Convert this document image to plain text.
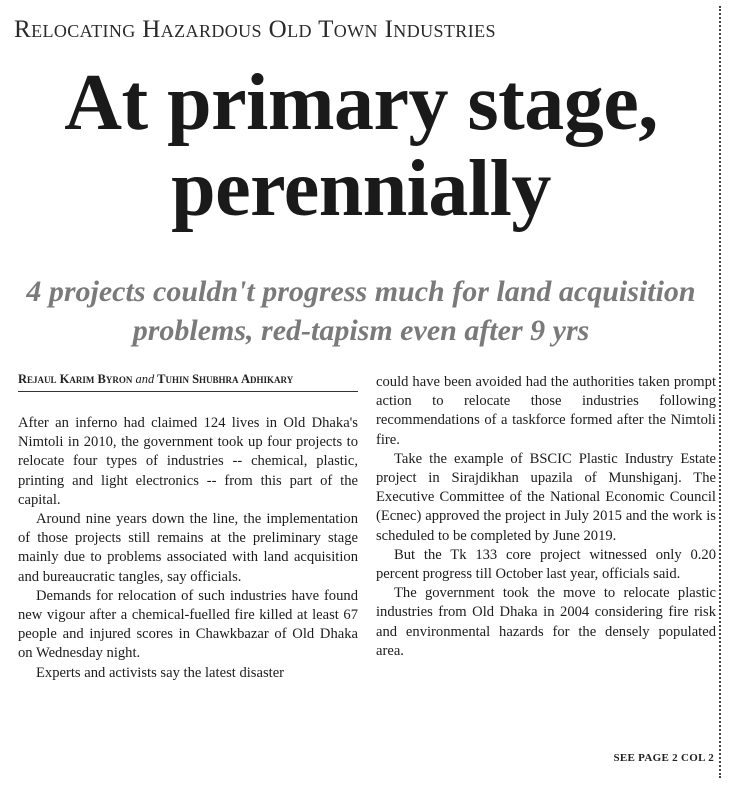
Relocating Hazardous Old Town Industries
At primary stage, perennially
4 projects couldn't progress much for land acquisition problems, red-tapism even after 9 yrs
Rejaul Karim Byron and Tuhin Shubhra Adhikary

After an inferno had claimed 124 lives in Old Dhaka's Nimtoli in 2010, the government took up four projects to relocate four types of industries -- chemical, plastic, printing and light electronics -- from this part of the capital.

Around nine years down the line, the implementation of those projects still remains at the preliminary stage mainly due to problems associated with land acquisition and bureaucratic tangles, say officials.

Demands for relocation of such industries have found new vigour after a chemical-fuelled fire killed at least 67 people and injured scores in Chawkbazar of Old Dhaka on Wednesday night.

Experts and activists say the latest disaster

could have been avoided had the authorities taken prompt action to relocate those industries following recommendations of a taskforce formed after the Nimtoli fire.

Take the example of BSCIC Plastic Industry Estate project in Sirajdikhan upazila of Munshiganj. The Executive Committee of the National Economic Council (Ecnec) approved the project in July 2015 and the work is scheduled to be completed by June 2019.

But the Tk 133 core project witnessed only 0.20 percent progress till October last year, officials said.

The government took the move to relocate plastic industries from Old Dhaka in 2004 considering fire risk and environmental hazards for the densely populated area.

SEE PAGE 2 COL 2
